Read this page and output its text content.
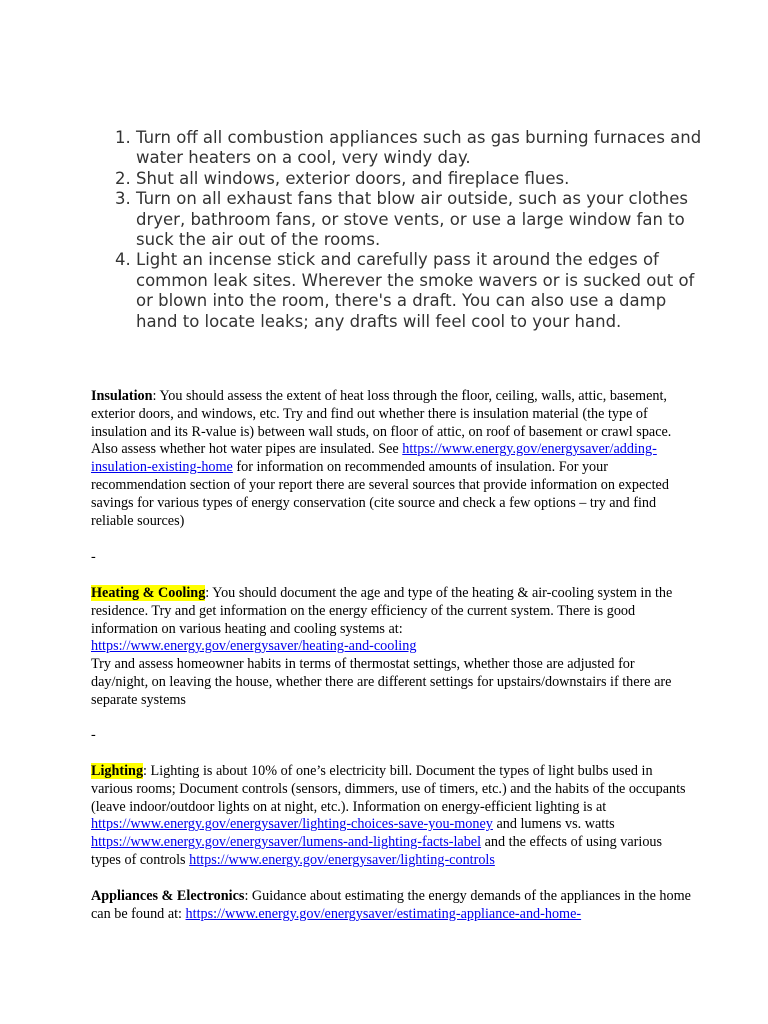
1. Turn off all combustion appliances such as gas burning furnaces and water heaters on a cool, very windy day.
2. Shut all windows, exterior doors, and fireplace flues.
3. Turn on all exhaust fans that blow air outside, such as your clothes dryer, bathroom fans, or stove vents, or use a large window fan to suck the air out of the rooms.
4. Light an incense stick and carefully pass it around the edges of common leak sites. Wherever the smoke wavers or is sucked out of or blown into the room, there's a draft. You can also use a damp hand to locate leaks; any drafts will feel cool to your hand.

Insulation: You should assess the extent of heat loss through the floor, ceiling, walls, attic, basement, exterior doors, and windows, etc. Try and find out whether there is insulation material (the type of insulation and its R-value is) between wall studs, on floor of attic, on roof of basement or crawl space. Also assess whether hot water pipes are insulated. See https://www.energy.gov/energysaver/adding-insulation-existing-home for information on recommended amounts of insulation. For your recommendation section of your report there are several sources that provide information on expected savings for various types of energy conservation (cite source and check a few options – try and find reliable sources)

-

Heating & Cooling: You should document the age and type of the heating & air-cooling system in the residence. Try and get information on the energy efficiency of the current system. There is good information on various heating and cooling systems at:
https://www.energy.gov/energysaver/heating-and-cooling
Try and assess homeowner habits in terms of thermostat settings, whether those are adjusted for day/night, on leaving the house, whether there are different settings for upstairs/downstairs if there are separate systems

-

Lighting: Lighting is about 10% of one’s electricity bill. Document the types of light bulbs used in various rooms; Document controls (sensors, dimmers, use of timers, etc.) and the habits of the occupants (leave indoor/outdoor lights on at night, etc.). Information on energy-efficient lighting is at https://www.energy.gov/energysaver/lighting-choices-save-you-money and lumens vs. watts https://www.energy.gov/energysaver/lumens-and-lighting-facts-label and the effects of using various types of controls https://www.energy.gov/energysaver/lighting-controls

Appliances & Electronics: Guidance about estimating the energy demands of the appliances in the home can be found at: https://www.energy.gov/energysaver/estimating-appliance-and-home-
